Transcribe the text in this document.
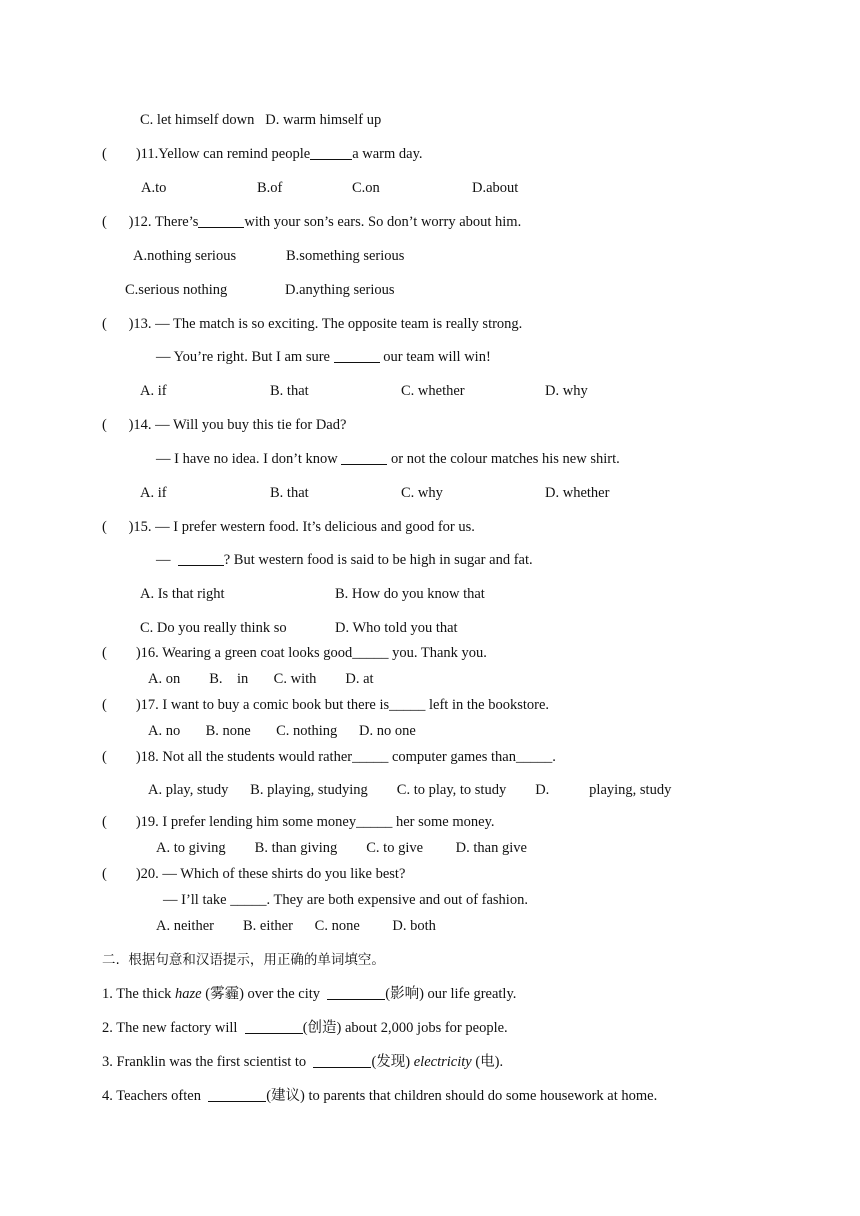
C. let himself down   D. warm himself up
(        )11.Yellow can remind people	a warm day.
A.to	B.of	C.on	D.about
(      )12. There’s	with your son’s ears. So don’t worry about him.
A.nothing serious	B.something serious
C.serious nothing	D.anything serious
(      )13. — The match is so exciting. The opposite team is really strong.
— You’re right. But I am sure	our team will win!
A. if	B. that	C. whether	D. why
(      )14. — Will you buy this tie for Dad?
— I have no idea. I don’t know	or not the colour matches his new shirt.
A. if	B. that	C. why	D. whether
(      )15. — I prefer western food. It’s delicious and good for us.
—	? But western food is said to be high in sugar and fat.
A. Is that right	B. How do you know that
C. Do you really think so	D. Who told you that
(        )16. Wearing a green coat looks good_____ you. Thank you.
A. on        B.    in       C. with        D. at
(        )17. I want to buy a comic book but there is_____ left in the bookstore.
A. no       B. none       C. nothing      D. no one
(        )18. Not all the students would rather_____ computer games than_____.
A. play, study      B. playing, studying        C. to play, to study        D.           playing, study
(        )19. I prefer lending him some money_____ her some money.
A. to giving        B. than giving        C. to give         D. than give
(        )20. — Which of these shirts do you like best?
— I’ll take _____. They are both expensive and out of fashion.
A. neither        B. either      C. none         D. both
二.  根据句意和汉语提示，用正确的单词填空。
1. The thick haze (雾霾) over the city	(影响) our life greatly.
2. The new factory will	(创造) about 2,000 jobs for people.
3. Franklin was the first scientist to	(发现) electricity (电).
4. Teachers often	(建议) to parents that children should do some housework at home.
